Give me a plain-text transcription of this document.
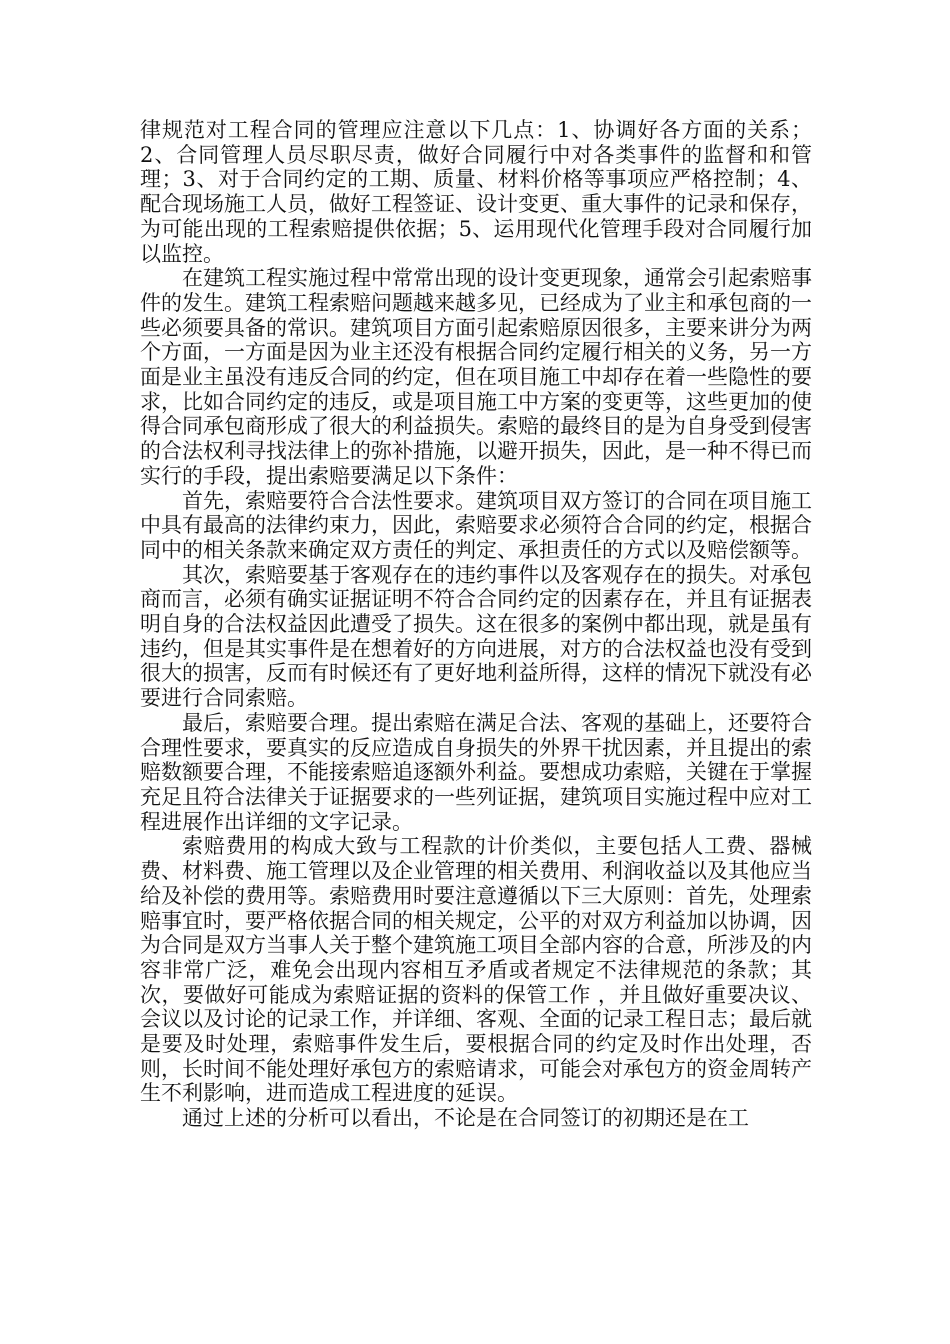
律规范对工程合同的管理应注意以下几点：1、协调好各方面的关系；2、合同管理人员尽职尽责，做好合同履行中对各类事件的监督和和管理；3、对于合同约定的工期、质量、材料价格等事项应严格控制；4、配合现场施工人员，做好工程签证、设计变更、重大事件的记录和保存，为可能出现的工程索赔提供依据；5、运用现代化管理手段对合同履行加以监控。

在建筑工程实施过程中常常出现的设计变更现象，通常会引起索赔事件的发生。建筑工程索赔问题越来越多见，已经成为了业主和承包商的一些必须要具备的常识。建筑项目方面引起索赔原因很多，主要来讲分为两个方面，一方面是因为业主还没有根据合同约定履行相关的义务，另一方面是业主虽没有违反合同的约定，但在项目施工中却存在着一些隐性的要求，比如合同约定的违反，或是项目施工中方案的变更等，这些更加的使得合同承包商形成了很大的利益损失。索赔的最终目的是为自身受到侵害的合法权利寻找法律上的弥补措施，以避开损失，因此，是一种不得已而实行的手段，提出索赔要满足以下条件：

首先，索赔要符合合法性要求。建筑项目双方签订的合同在项目施工中具有最高的法律约束力，因此，索赔要求必须符合合同的约定，根据合同中的相关条款来确定双方责任的判定、承担责任的方式以及赔偿额等。

其次，索赔要基于客观存在的违约事件以及客观存在的损失。对承包商而言，必须有确实证据证明不符合合同约定的因素存在，并且有证据表明自身的合法权益因此遭受了损失。这在很多的案例中都出现，就是虽有违约，但是其实事件是在想着好的方向进展，对方的合法权益也没有受到很大的损害，反而有时候还有了更好地利益所得，这样的情况下就没有必要进行合同索赔。

最后，索赔要合理。提出索赔在满足合法、客观的基础上，还要符合合理性要求，要真实的反应造成自身损失的外界干扰因素，并且提出的索赔数额要合理，不能接索赔追逐额外利益。要想成功索赔，关键在于掌握充足且符合法律关于证据要求的一些列证据，建筑项目实施过程中应对工程进展作出详细的文字记录。

索赔费用的构成大致与工程款的计价类似，主要包括人工费、器械费、材料费、施工管理以及企业管理的相关费用、利润收益以及其他应当给及补偿的费用等。索赔费用时要注意遵循以下三大原则：首先，处理索赔事宜时，要严格依据合同的相关规定，公平的对双方利益加以协调，因为合同是双方当事人关于整个建筑施工项目全部内容的合意，所涉及的内容非常广泛，难免会出现内容相互矛盾或者规定不法律规范的条款；其次，要做好可能成为索赔证据的资料的保管工作 ，并且做好重要决议、会议以及讨论的记录工作，并详细、客观、全面的记录工程日志；最后就是要及时处理，索赔事件发生后，要根据合同的约定及时作出处理，否则，长时间不能处理好承包方的索赔请求，可能会对承包方的资金周转产生不利影响，进而造成工程进度的延误。

通过上述的分析可以看出，不论是在合同签订的初期还是在工
